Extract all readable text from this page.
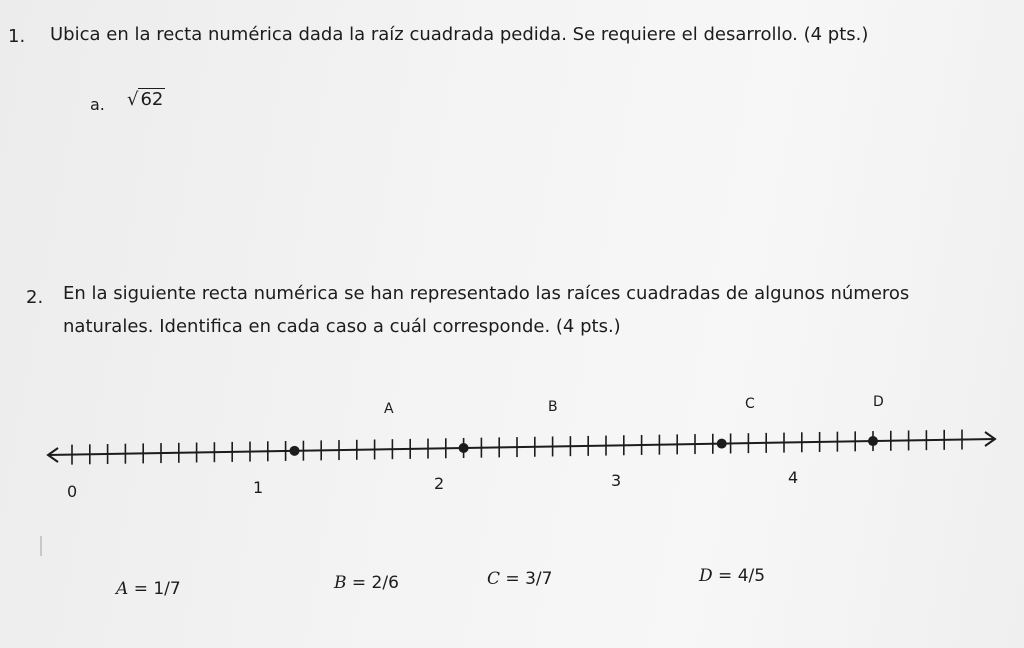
1. Ubica en la recta numérica dada la raíz cuadrada pedida. Se requiere el desarrollo. (4 pts.)
a. √ 62
2. En la siguiente recta numérica se han representado las raíces cuadradas de algunos números
naturales. Identifica en cada caso a cuál corresponde. (4 pts.)
A	B	C	D
0	1	2	3	4
A = 1/7	B = 2/6	C = 3/7	D = 4/5
